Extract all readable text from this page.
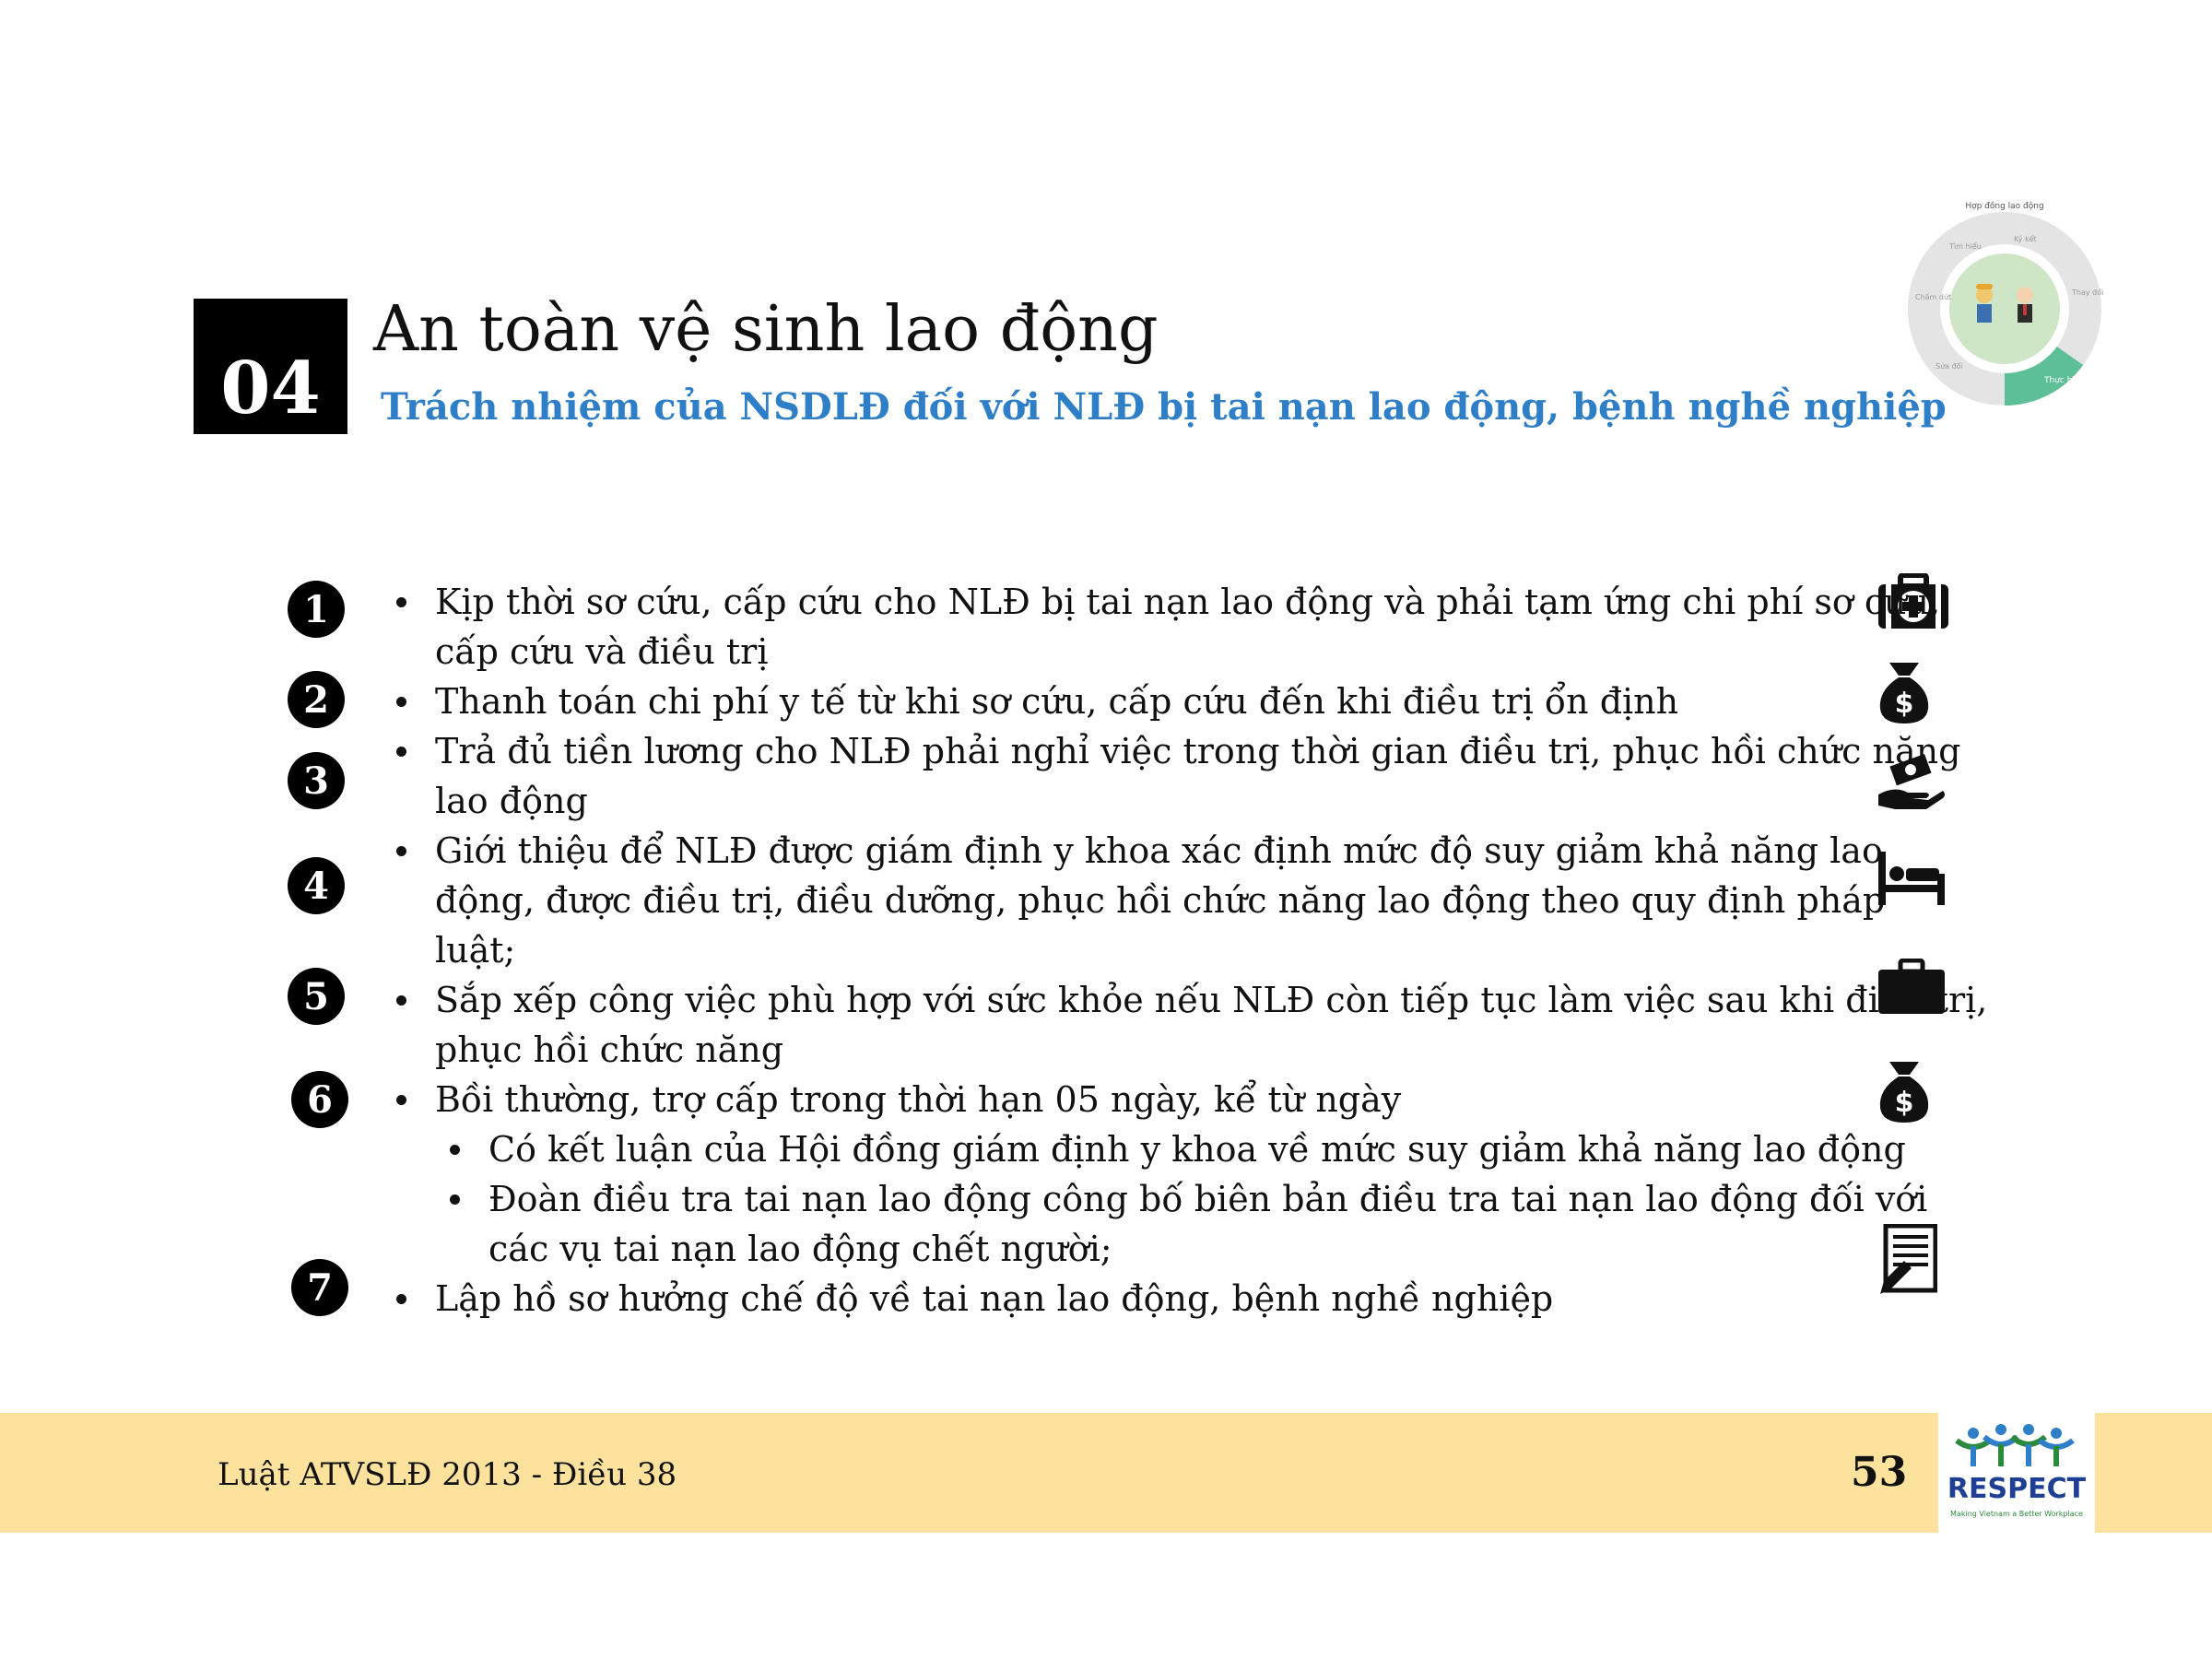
04
An toàn vệ sinh lao động
Trách nhiệm của NSDLĐ đối với NLĐ bị tai nạn lao động, bệnh nghề nghiệp
Hợp đồng lao động
Thực hiện
Tìm hiểu
Ký kết
Thay đổi
Chấm dứt
Sửa đổi
1	Kịp thời sơ cứu, cấp cứu cho NLĐ bị tai nạn lao động và phải tạm ứng chi phí sơ cứu,
cấp cứu và điều trị
2	$
Thanh toán chi phí y tế từ khi sơ cứu, cấp cứu đến khi điều trị ổn định
3
Trả đủ tiền lương cho NLĐ phải nghỉ việc trong thời gian điều trị, phục hồi chức năng
lao động
4
Giới thiệu để NLĐ được giám định y khoa xác định mức độ suy giảm khả năng lao
động, được điều trị, điều dưỡng, phục hồi chức năng lao động theo quy định pháp
luật;
5	Sắp xếp công việc phù hợp với sức khỏe nếu NLĐ còn tiếp tục làm việc sau khi điều trị,
phục hồi chức năng
6	$
Bồi thường, trợ cấp trong thời hạn 05 ngày, kể từ ngày
Có kết luận của Hội đồng giám định y khoa về mức suy giảm khả năng lao động
Đoàn điều tra tai nạn lao động công bố biên bản điều tra tai nạn lao động đối với
các vụ tai nạn lao động chết người;
7	Lập hồ sơ hưởng chế độ về tai nạn lao động, bệnh nghề nghiệp
Luật ATVSLĐ 2013 - Điều 38	53 RESPECT
Making Vietnam a Better Workplace
